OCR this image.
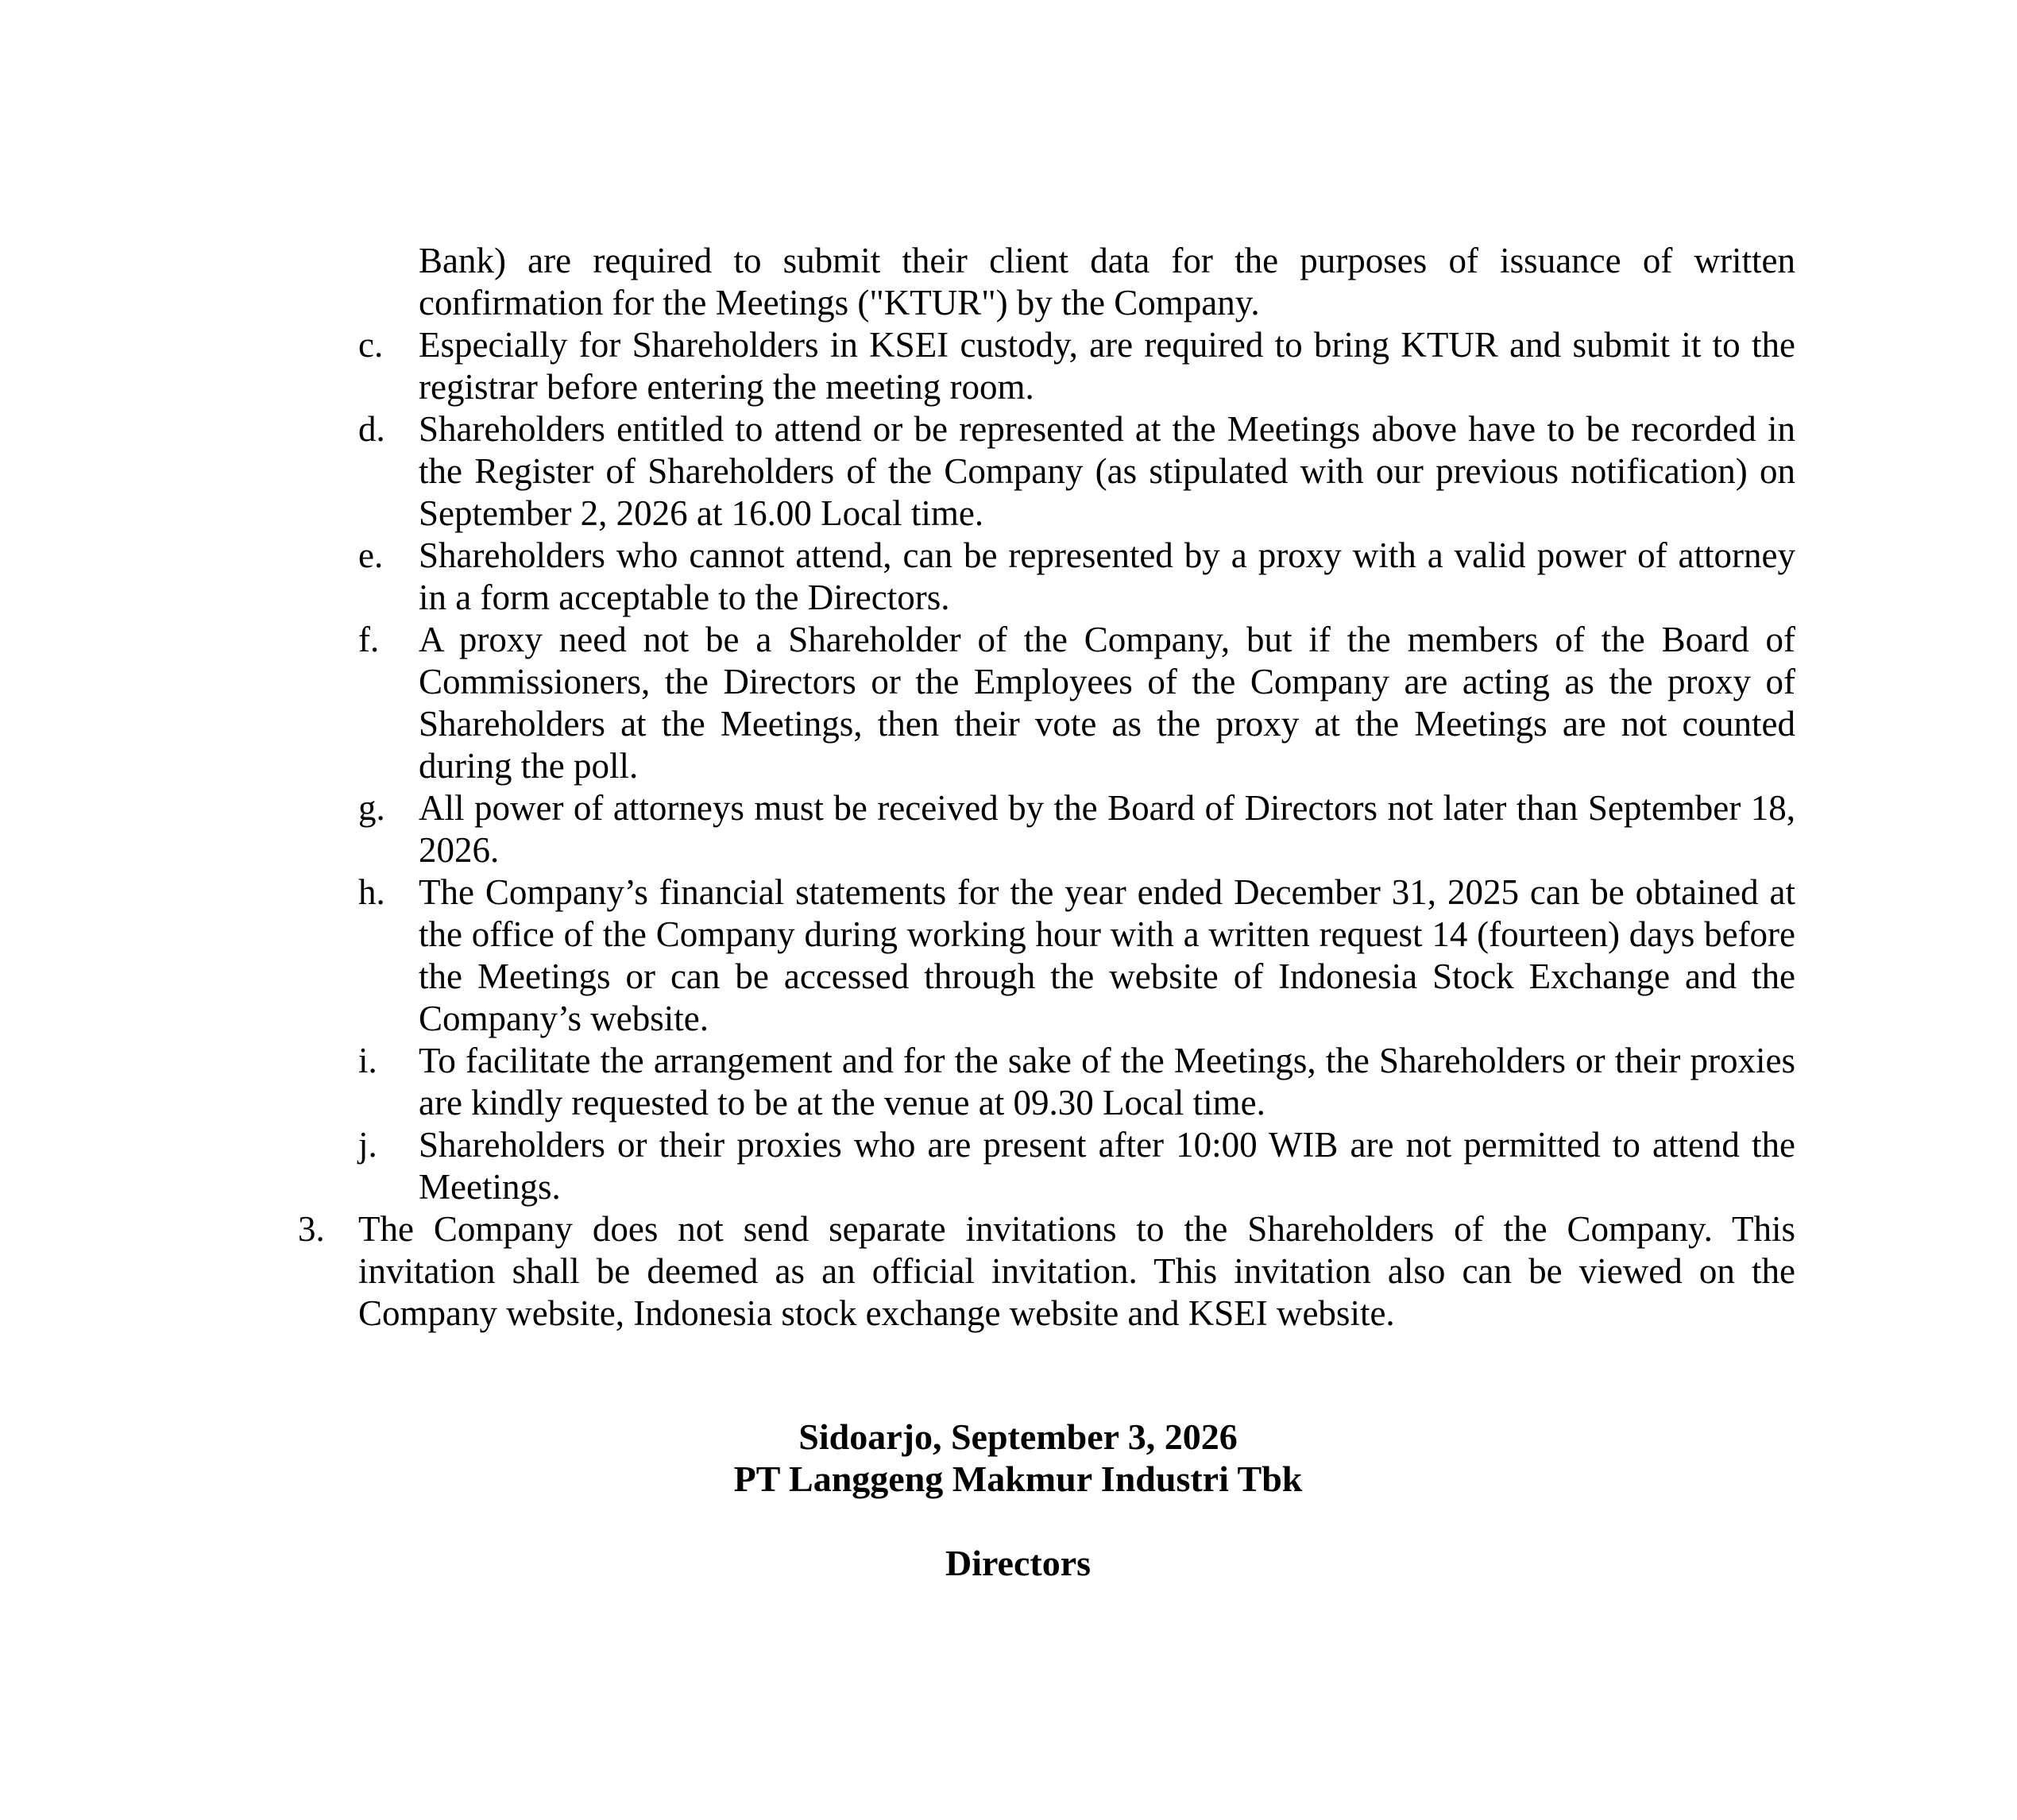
Bank) are required to submit their client data for the purposes of issuance of written confirmation for the Meetings ("KTUR") by the Company.
c. Especially for Shareholders in KSEI custody, are required to bring KTUR and submit it to the registrar before entering the meeting room.
d. Shareholders entitled to attend or be represented at the Meetings above have to be recorded in the Register of Shareholders of the Company (as stipulated with our previous notification) on September 2, 2026 at 16.00 Local time.
e. Shareholders who cannot attend, can be represented by a proxy with a valid power of attorney in a form acceptable to the Directors.
f.	A proxy need not be a Shareholder of the Company, but if the members of the Board of Commissioners, the Directors or the Employees of the Company are acting as the proxy of Shareholders at the Meetings, then their vote as the proxy at the Meetings are not counted during the poll.
g. All power of attorneys must be received by the Board of Directors not later than September 18, 2026.
h. The Company’s financial statements for the year ended December 31, 2025 can be obtained at the office of the Company during working hour with a written request 14 (fourteen) days before the Meetings or can be accessed through the website of Indonesia Stock Exchange and the Company’s website.
i.	To facilitate the arrangement and for the sake of the Meetings, the Shareholders or their proxies are kindly requested to be at the venue at 09.30 Local time.
j.	Shareholders or their proxies who are present after 10:00 WIB are not permitted to attend the Meetings.
3. The Company does not send separate invitations to the Shareholders of the Company. This invitation shall be deemed as an official invitation. This invitation also can be viewed on the Company website, Indonesia stock exchange website and KSEI website.
Sidoarjo, September 3, 2026
PT Langgeng Makmur Industri Tbk
Directors
